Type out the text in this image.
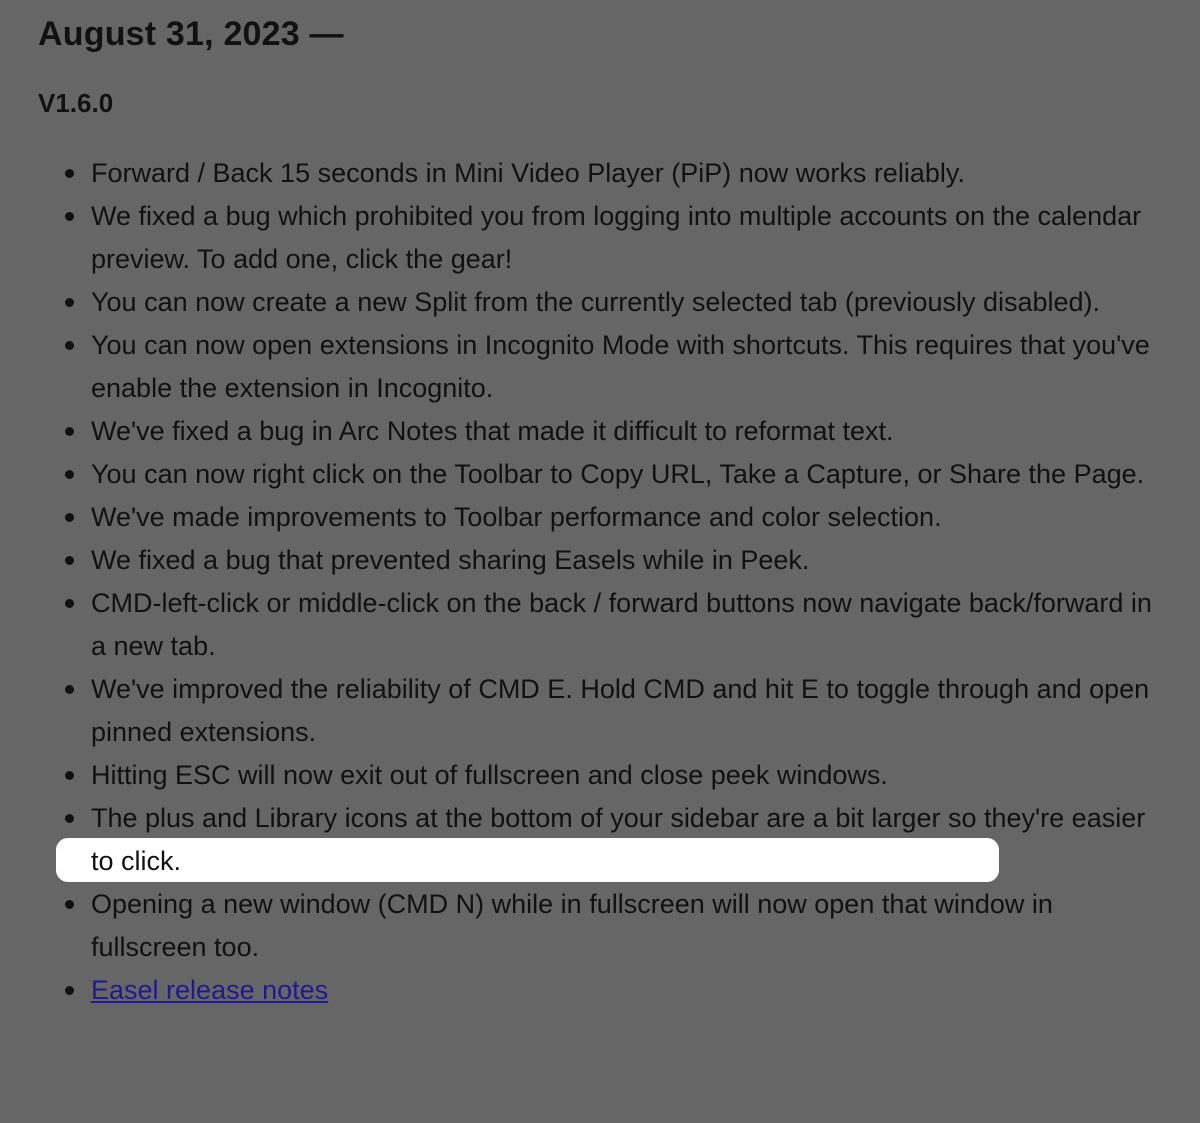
August 31, 2023 —
V1.6.0
Forward / Back 15 seconds in Mini Video Player (PiP) now works reliably.
We fixed a bug which prohibited you from logging into multiple accounts on the calendar preview. To add one, click the gear!
You can now create a new Split from the currently selected tab (previously disabled).
You can now open extensions in Incognito Mode with shortcuts. This requires that you've enable the extension in Incognito.
We've fixed a bug in Arc Notes that made it difficult to reformat text.
You can now right click on the Toolbar to Copy URL, Take a Capture, or Share the Page.
We've made improvements to Toolbar performance and color selection.
We fixed a bug that prevented sharing Easels while in Peek.
CMD-left-click or middle-click on the back / forward buttons now navigate back/forward in a new tab.
We've improved the reliability of CMD E. Hold CMD and hit E to toggle through and open pinned extensions.
Hitting ESC will now exit out of fullscreen and close peek windows.
The plus and Library icons at the bottom of your sidebar are a bit larger so they're easier to click.
Opening a new window (CMD N) while in fullscreen will now open that window in fullscreen too.
Easel release notes
